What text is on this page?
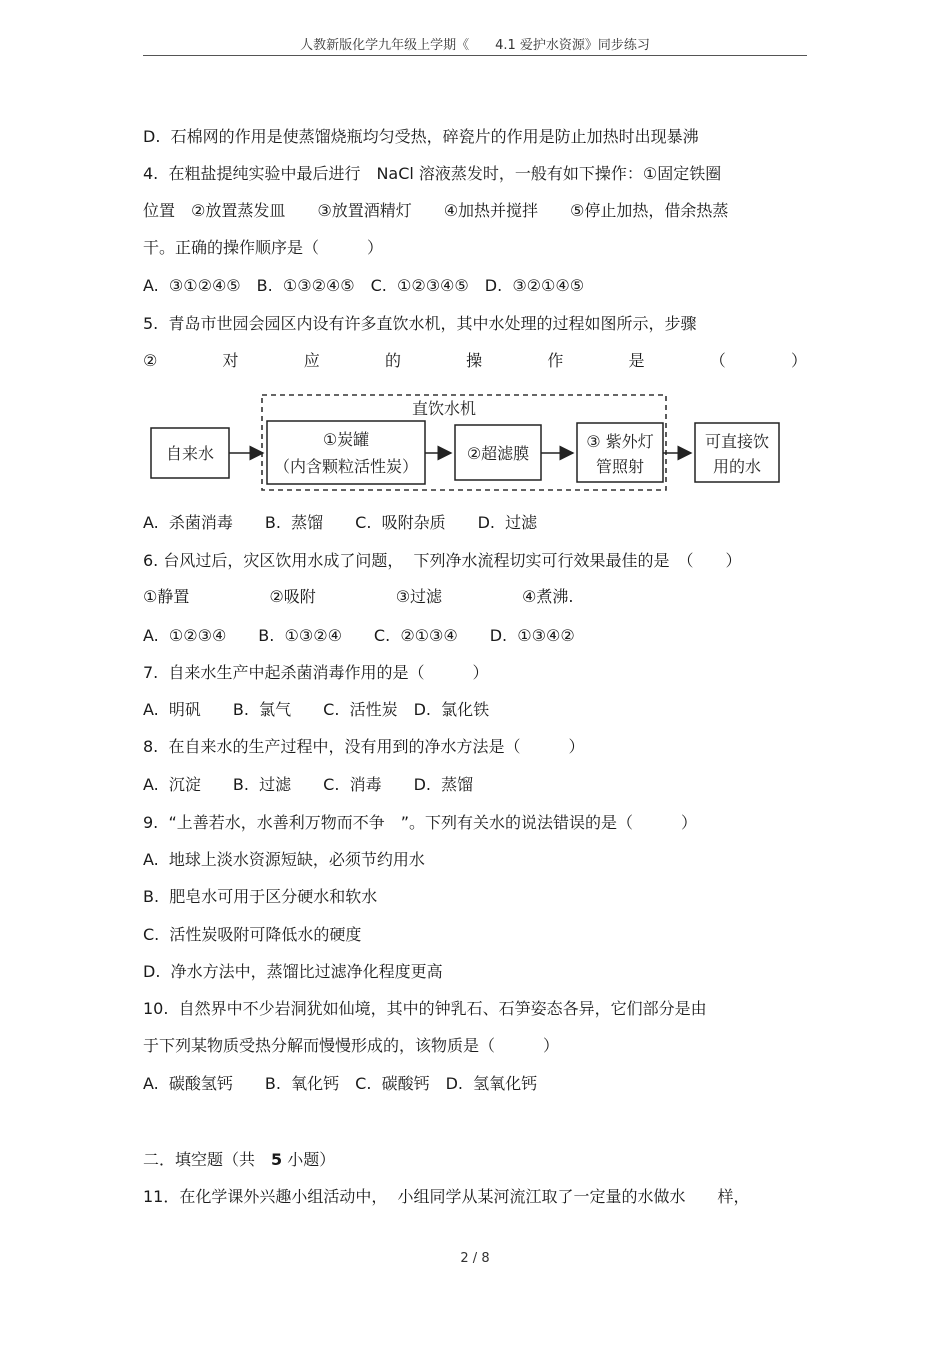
人教新版化学九年级上学期《　　4.1 爱护水资源》同步练习
D.  石棉网的作用是使蒸馏烧瓶均匀受热，碎瓷片的作用是防止加热时出现暴沸
4.  在粗盐提纯实验中最后进行　NaCl 溶液蒸发时，一般有如下操作：①固定铁圈
位置　②放置蒸发皿　　③放置酒精灯　　④加热并搅拌　　⑤停止加热，借余热蒸
干。正确的操作顺序是（　　　）
A.  ③①②④⑤　B.  ①③②④⑤　C.  ①②③④⑤　D.  ③②①④⑤
5.  青岛市世园会园区内设有许多直饮水机，其中水处理的过程如图所示，步骤
②	对	应	的	操	作	是	（	）
直饮水机
自来水
①炭罐
（内含颗粒活性炭）
②超滤膜
③ 紫外灯
管照射
可直接饮
用的水
A.  杀菌消毒　　B.  蒸馏　　C.  吸附杂质　　D.  过滤
6. 台风过后，灾区饮用水成了问题，  下列净水流程切实可行效果最佳的是　（　　）
①静置　　　　　②吸附　　　　　③过滤　　　　　④煮沸.
A.  ①②③④　　B.  ①③②④　　C.  ②①③④　　D.  ①③④②
7.  自来水生产中起杀菌消毒作用的是（　　　）
A.  明矾　　B.  氯气　　C.  活性炭　D.  氯化铁
8.  在自来水的生产过程中，没有用到的净水方法是（　　　）
A.  沉淀　　B.  过滤　　C.  消毒　　D.  蒸馏
9.  “上善若水，水善利万物而不争　”。下列有关水的说法错误的是（　　　）
A.  地球上淡水资源短缺，必须节约用水
B.  肥皂水可用于区分硬水和软水
C.  活性炭吸附可降低水的硬度
D.  净水方法中，蒸馏比过滤净化程度更高
10.  自然界中不少岩洞犹如仙境，其中的钟乳石、石笋姿态各异，它们部分是由
于下列某物质受热分解而慢慢形成的，该物质是（　　　）
A.  碳酸氢钙　　B.  氧化钙　C.  碳酸钙　D.  氢氧化钙
二．填空题（共　5 小题）
11．在化学课外兴趣小组活动中，  小组同学从某河流江取了一定量的水做水　　样，
2 / 8
